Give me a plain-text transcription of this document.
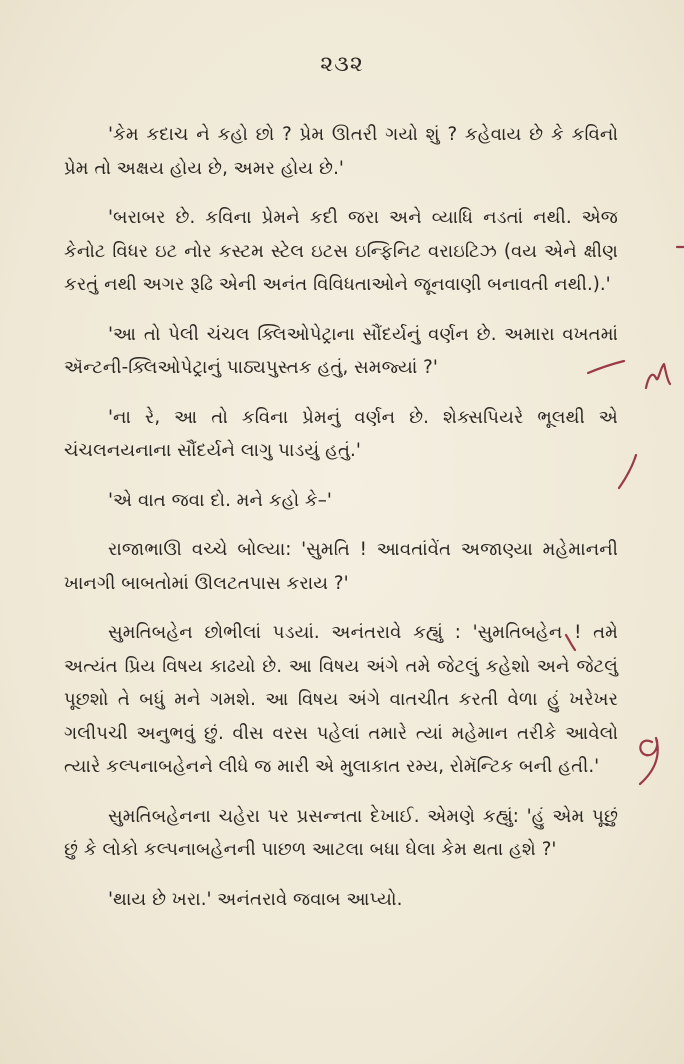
૨૩૨

'કેમ કદાચ ને કહો છો ? પ્રેમ ઊતરી ગયો શું ? કહેવાય છે કે કવિનો પ્રેમ તો અક્ષય હોય છે, અમર હોય છે.'

'બરાબર છે. કવિના પ્રેમને કદી જરા અને વ્યાધિ નડતાં નથી. એજ કેનોટ વિધર ઇટ નોર કસ્ટમ સ્ટેલ ઇટસ ઇન્ફિનિટ વરાઇટિઝ (વય એને ક્ષીણ કરતું નથી અગર રૂઢિ એની અનંત વિવિધતાઓને જૂનવાણી બનાવતી નથી.).'

'આ તો પેલી ચંચલ ક્લિઓપેટ્રાના સૌંદર્યનું વર્ણન છે. અમારા વખતમાં ઍન્ટની-ક્લિઓપેટ્રાનું પાઠ્યપુસ્તક હતું, સમજ્યાં ?'

'ના રે, આ તો કવિના પ્રેમનું વર્ણન છે. શેક્સપિયરે ભૂલથી એ ચંચલનયનાના સૌંદર્યને લાગુ પાડયું હતું.'

'એ વાત જવા દો. મને કહો કે–'

રાજાભાઊ વચ્ચે બોલ્યા: 'સુમતિ ! આવતાંવેંત અજાણ્યા મહેમાનની ખાનગી બાબતોમાં ઊલટતપાસ કરાય ?'

સુમતિબહેન છોભીલાં પડયાં. અનંતરાવે કહ્યું : 'સુમતિબહેન ! તમે અત્યંત પ્રિય વિષય કાઢયો છે. આ વિષય અંગે તમે જેટલું કહેશો અને જેટલું પૂછશો તે બધું મને ગમશે. આ વિષય અંગે વાતચીત કરતી વેળા હું ખરેખર ગલીપચી અનુભવું છું. વીસ વરસ પહેલાં તમારે ત્યાં મહેમાન તરીકે આવેલો ત્યારે કલ્પનાબહેનને લીધે જ મારી એ મુલાકાત રમ્ય, રોમૅન્ટિક બની હતી.'

સુમતિબહેનના ચહેરા પર પ્રસન્નતા દેખાઈ. એમણે કહ્યું: 'હું એમ પૂછું છું કે લોકો કલ્પનાબહેનની પાછળ આટલા બધા ઘેલા કેમ થતા હશે ?'

'થાય છે ખરા.' અનંતરાવે જવાબ આપ્યો.
